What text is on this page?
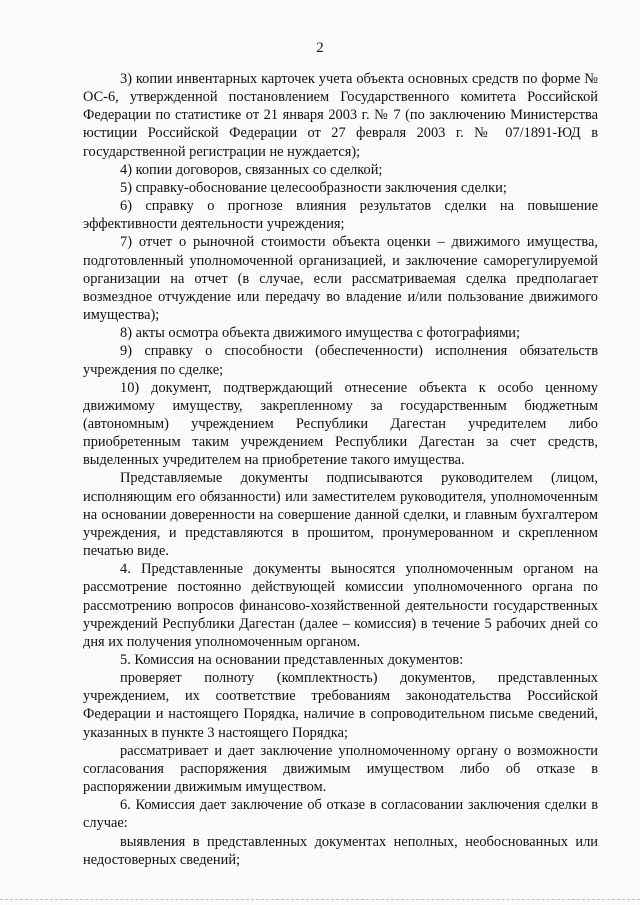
2

3) копии инвентарных карточек учета объекта основных средств по форме № ОС-6, утвержденной постановлением Государственного комитета Российской Федерации по статистике от 21 января 2003 г. № 7 (по заключению Министерства юстиции Российской Федерации от 27 февраля 2003 г. № 07/1891-ЮД в государственной регистрации не нуждается);

4) копии договоров, связанных со сделкой;

5) справку-обоснование целесообразности заключения сделки;

6) справку о прогнозе влияния результатов сделки на повышение эффективности деятельности учреждения;

7) отчет о рыночной стоимости объекта оценки – движимого имущества, подготовленный уполномоченной организацией, и заключение саморегулируемой организации на отчет (в случае, если рассматриваемая сделка предполагает возмездное отчуждение или передачу во владение и/или пользование движимого имущества);

8) акты осмотра объекта движимого имущества с фотографиями;

9) справку о способности (обеспеченности) исполнения обязательств учреждения по сделке;

10) документ, подтверждающий отнесение объекта к особо ценному движимому имуществу, закрепленному за государственным бюджетным (автономным) учреждением Республики Дагестан учредителем либо приобретенным таким учреждением Республики Дагестан за счет средств, выделенных учредителем на приобретение такого имущества.

Представляемые документы подписываются руководителем (лицом, исполняющим его обязанности) или заместителем руководителя, уполномоченным на основании доверенности на совершение данной сделки, и главным бухгалтером учреждения, и представляются в прошитом, пронумерованном и скрепленном печатью виде.

4. Представленные документы выносятся уполномоченным органом на рассмотрение постоянно действующей комиссии уполномоченного органа по рассмотрению вопросов финансово-хозяйственной деятельности государственных учреждений Республики Дагестан (далее – комиссия) в течение 5 рабочих дней со дня их получения уполномоченным органом.

5. Комиссия на основании представленных документов:

проверяет полноту (комплектность) документов, представленных учреждением, их соответствие требованиям законодательства Российской Федерации и настоящего Порядка, наличие в сопроводительном письме сведений, указанных в пункте 3 настоящего Порядка;

рассматривает и дает заключение уполномоченному органу о возможности согласования распоряжения движимым имуществом либо об отказе в распоряжении движимым имуществом.

6. Комиссия дает заключение об отказе в согласовании заключения сделки в случае:

выявления в представленных документах неполных, необоснованных или недостоверных сведений;
